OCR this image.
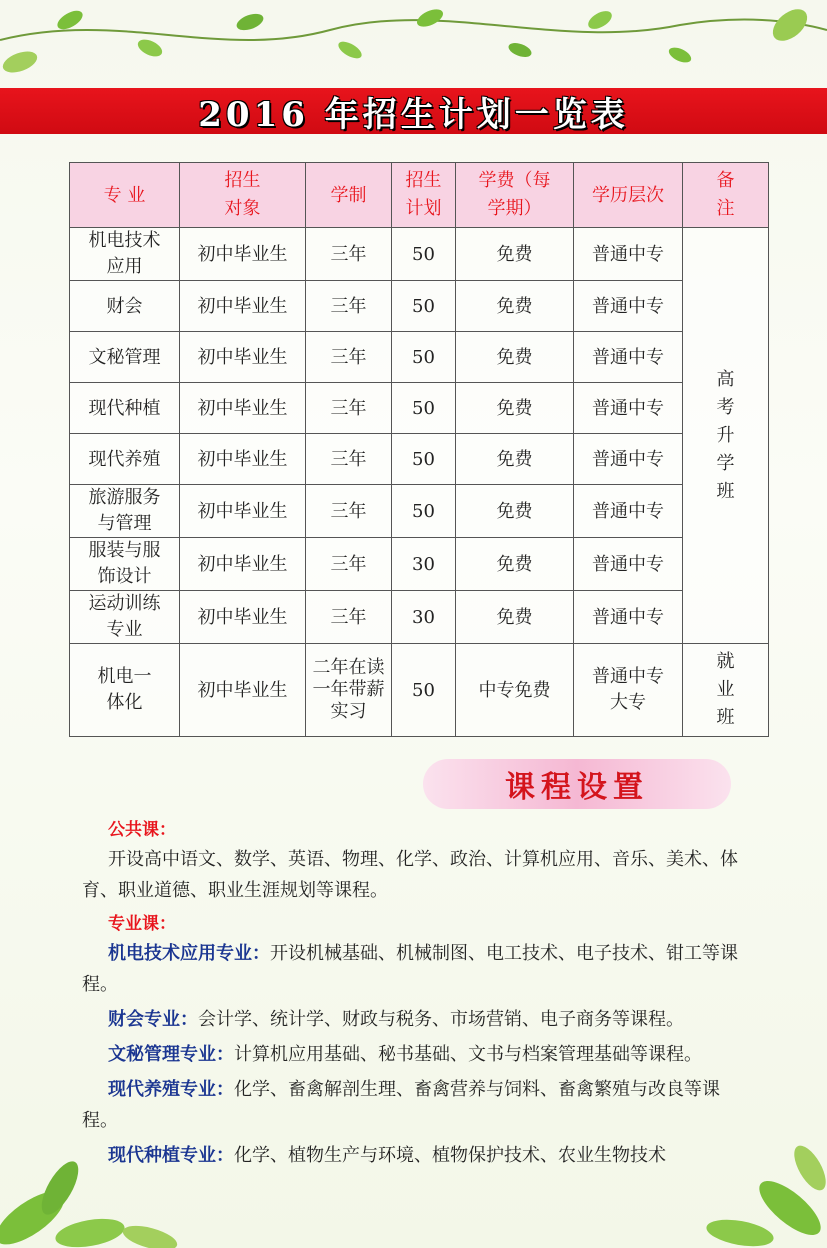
2016 年招生计划一览表
专 业	招生对象	学制	招生计划	学费（每学期）	学历层次	备注
机电技术应用	初中毕业生	三年	50	免费	普通中专	高考升学班
财会	初中毕业生	三年	50	免费	普通中专	
文秘管理	初中毕业生	三年	50	免费	普通中专	
现代种植	初中毕业生	三年	50	免费	普通中专	
现代养殖	初中毕业生	三年	50	免费	普通中专	
旅游服务与管理	初中毕业生	三年	50	免费	普通中专	
服装与服饰设计	初中毕业生	三年	30	免费	普通中专	
运动训练专业	初中毕业生	三年	30	免费	普通中专	
机电一体化	初中毕业生	二年在读一年带薪实习	50	中专免费	普通中专大专	就业班
课程设置
公共课：

开设高中语文、数学、英语、物理、化学、政治、计算机应用、音乐、美术、体育、职业道德、职业生涯规划等课程。

专业课：

机电技术应用专业：开设机械基础、机械制图、电工技术、电子技术、钳工等课程。

财会专业：会计学、统计学、财政与税务、市场营销、电子商务等课程。

文秘管理专业：计算机应用基础、秘书基础、文书与档案管理基础等课程。

现代养殖专业：化学、畜禽解剖生理、畜禽营养与饲料、畜禽繁殖与改良等课程。

现代种植专业：化学、植物生产与环境、植物保护技术、农业生物技术
